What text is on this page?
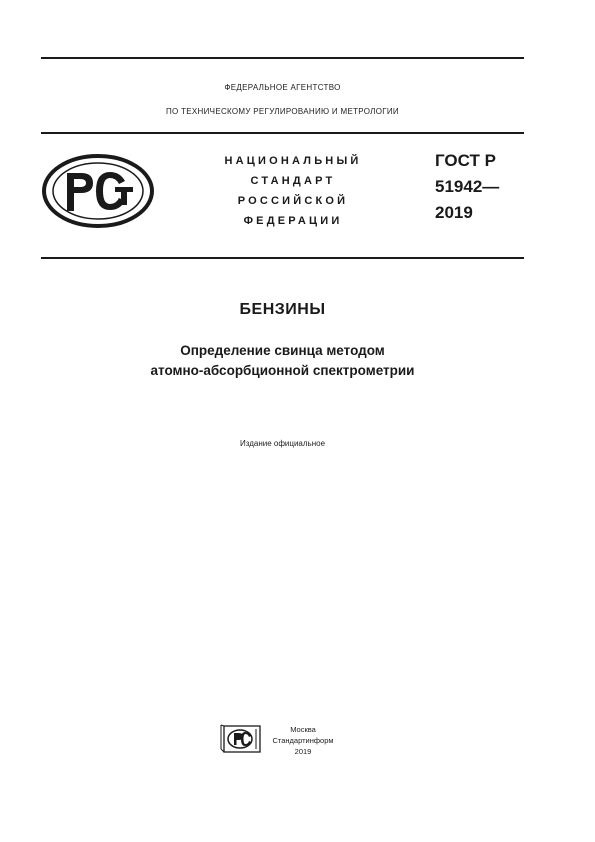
ФЕДЕРАЛЬНОЕ АГЕНТСТВО
ПО ТЕХНИЧЕСКОМУ РЕГУЛИРОВАНИЮ И МЕТРОЛОГИИ
НАЦИОНАЛЬНЫЙ
СТАНДАРТ
РОССИЙСКОЙ
ФЕДЕРАЦИИ
ГОСТ Р
51942—
2019
БЕНЗИНЫ
Определение свинца методом
атомно-абсорбционной спектрометрии
Издание официальное
Москва
Стандартинформ
2019
